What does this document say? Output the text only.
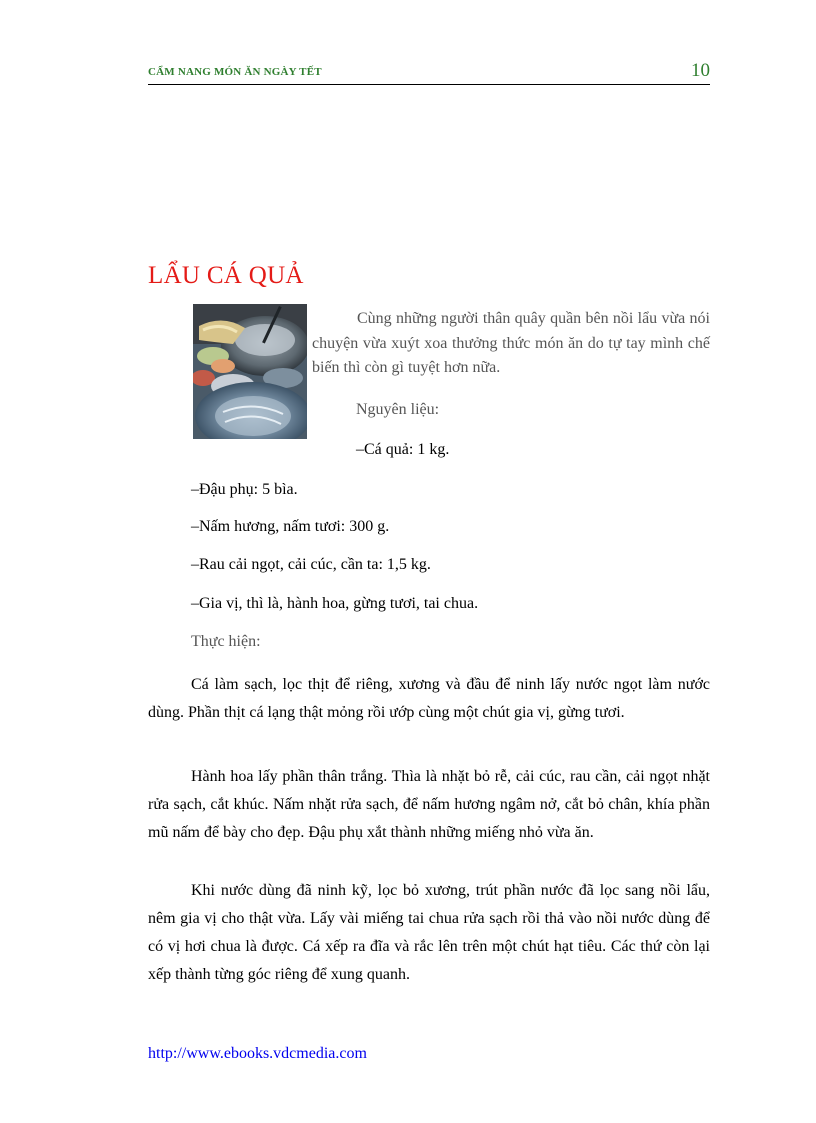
CẨM NANG MÓN ĂN NGÀY TẾT	10
LẨU CÁ QUẢ

Cùng những người thân quây quần bên nồi lẩu vừa nói chuyện vừa xuýt xoa thưởng thức món ăn do tự tay mình chế biến thì còn gì tuyệt hơn nữa.

Nguyên liệu:

–Cá quả: 1 kg.

–Đậu phụ: 5 bìa.

–Nấm hương, nấm tươi: 300 g.

–Rau cải ngọt, cải cúc, cần ta: 1,5 kg.

–Gia vị, thì là, hành hoa, gừng tươi, tai chua.

Thực hiện:

Cá làm sạch, lọc thịt để riêng, xương và đầu để ninh lấy nước ngọt làm nước dùng. Phần thịt cá lạng thật mỏng rồi ướp cùng một chút gia vị, gừng tươi.

Hành hoa lấy phần thân trắng. Thìa là nhặt bỏ rễ, cải cúc, rau cần, cải ngọt nhặt rửa sạch, cắt khúc. Nấm nhặt rửa sạch, để nấm hương ngâm nở, cắt bỏ chân, khía phần mũ nấm để bày cho đẹp. Đậu phụ xắt thành những miếng nhỏ vừa ăn.

Khi nước dùng đã ninh kỹ, lọc bỏ xương, trút phần nước đã lọc sang nồi lẩu, nêm gia vị cho thật vừa. Lấy vài miếng tai chua rửa sạch rồi thả vào nồi nước dùng để có vị hơi chua là được. Cá xếp ra đĩa và rắc lên trên một chút hạt tiêu. Các thứ còn lại xếp thành từng góc riêng để xung quanh.

http://www.ebooks.vdcmedia.com
